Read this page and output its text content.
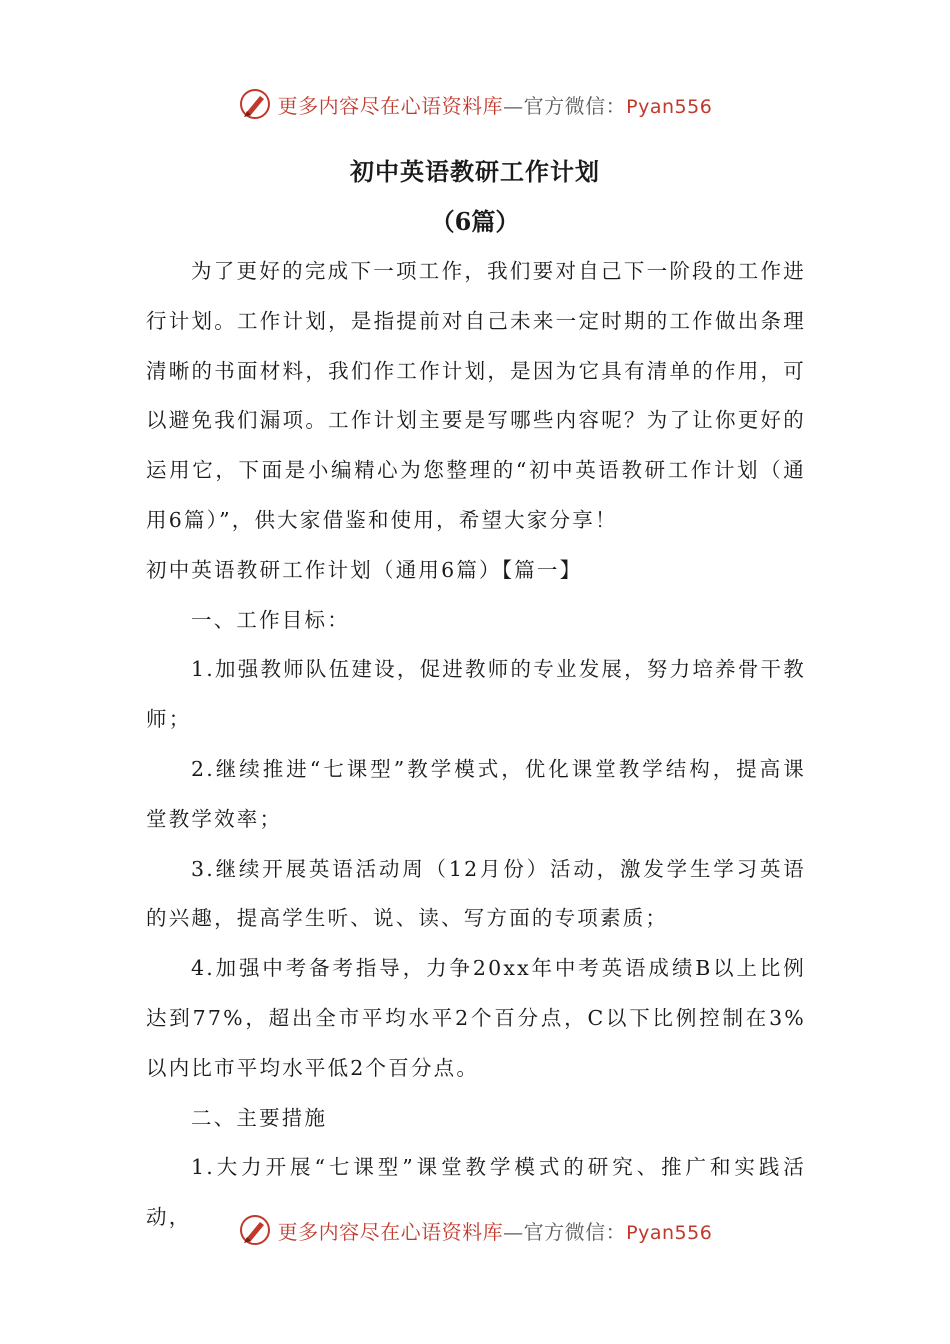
更多内容尽在心语资料库—官方微信：Pyan556
初中英语教研工作计划
（6篇）

为了更好的完成下一项工作，我们要对自己下一阶段的工作进行计划。工作计划，是指提前对自己未来一定时期的工作做出条理清晰的书面材料，我们作工作计划，是因为它具有清单的作用，可以避免我们漏项。工作计划主要是写哪些内容呢？为了让你更好的运用它，下面是小编精心为您整理的“初中英语教研工作计划（通用6篇）”，供大家借鉴和使用，希望大家分享！

初中英语教研工作计划（通用6篇）【篇一】

一、工作目标：

1.加强教师队伍建设，促进教师的专业发展，努力培养骨干教师；

2.继续推进“七课型”教学模式，优化课堂教学结构，提高课堂教学效率；

3.继续开展英语活动周（12月份）活动，激发学生学习英语的兴趣，提高学生听、说、读、写方面的专项素质；

4.加强中考备考指导，力争20xx年中考英语成绩B以上比例达到77%，超出全市平均水平2个百分点，C以下比例控制在3%以内比市平均水平低2个百分点。

二、主要措施

1.大力开展“七课型”课堂教学模式的研究、推广和实践活动，

更多内容尽在心语资料库—官方微信：Pyan556
